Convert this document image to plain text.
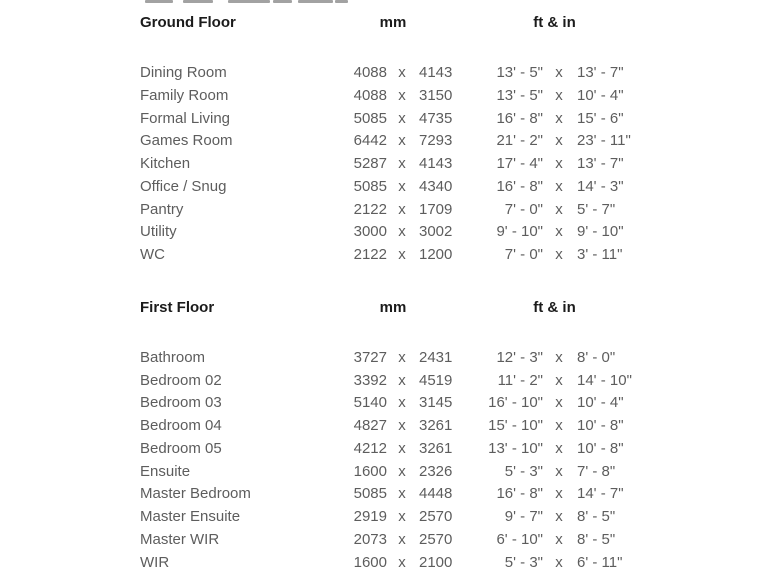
Ground Floor	mm	ft & in
Dining Room	4088 x 4143	13' - 5" x 13' - 7"
Family Room	4088 x 3150	13' - 5" x 10' - 4"
Formal Living	5085 x 4735	16' - 8" x 15' - 6"
Games Room	6442 x 7293	21' - 2" x 23' - 11"
Kitchen	5287 x 4143	17' - 4" x 13' - 7"
Office / Snug	5085 x 4340	16' - 8" x 14' - 3"
Pantry	2122 x 1709	7' - 0" x 5' - 7"
Utility	3000 x 3002	9' - 10" x 9' - 10"
WC	2122 x 1200	7' - 0" x 3' - 11"
First Floor	mm	ft & in
Bathroom	3727 x 2431	12' - 3" x 8' - 0"
Bedroom 02	3392 x 4519	11' - 2" x 14' - 10"
Bedroom 03	5140 x 3145	16' - 10" x 10' - 4"
Bedroom 04	4827 x 3261	15' - 10" x 10' - 8"
Bedroom 05	4212 x 3261	13' - 10" x 10' - 8"
Ensuite	1600 x 2326	5' - 3" x 7' - 8"
Master Bedroom	5085 x 4448	16' - 8" x 14' - 7"
Master Ensuite	2919 x 2570	9' - 7" x 8' - 5"
Master WIR	2073 x 2570	6' - 10" x 8' - 5"
WIR	1600 x 2100	5' - 3" x 6' - 11"
